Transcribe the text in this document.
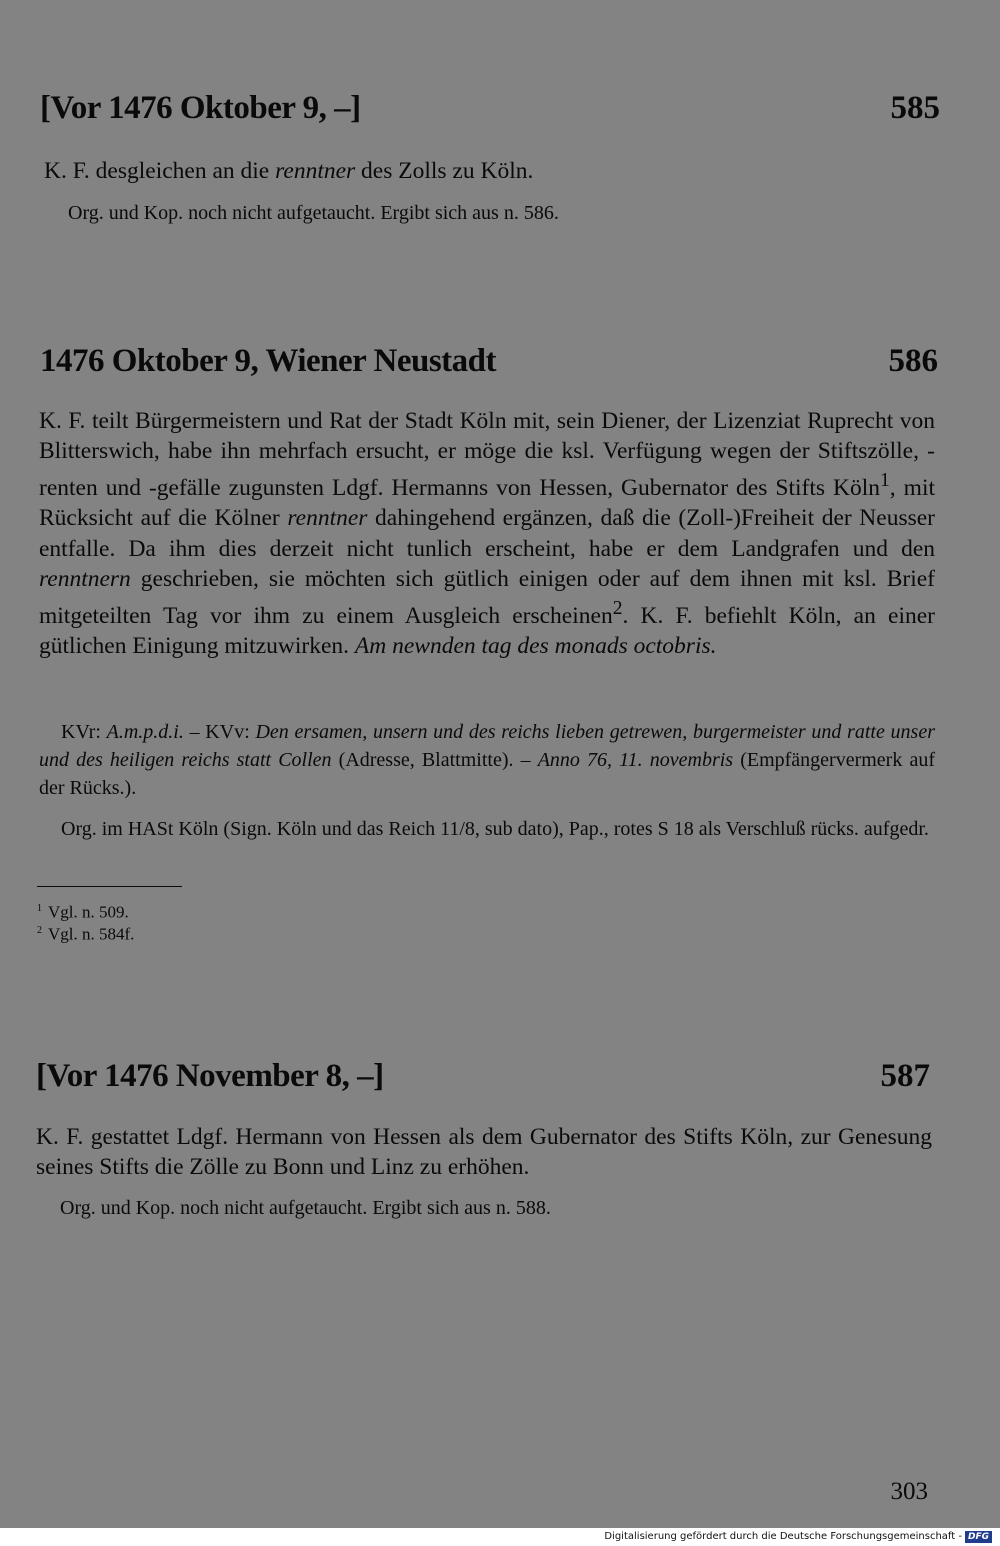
[Vor 1476 Oktober 9, –]	585

K. F. desgleichen an die renntner des Zolls zu Köln.

Org. und Kop. noch nicht aufgetaucht. Ergibt sich aus n. 586.

1476 Oktober 9, Wiener Neustadt	586

K. F. teilt Bürgermeistern und Rat der Stadt Köln mit, sein Diener, der Lizenziat Ruprecht von Blitterswich, habe ihn mehrfach ersucht, er möge die ksl. Verfügung wegen der Stiftszölle, -renten und -gefälle zugunsten Ldgf. Hermanns von Hessen, Gubernator des Stifts Köln$^1$, mit Rücksicht auf die Kölner renntner dahingehend ergänzen, daß die (Zoll-)Freiheit der Neusser entfalle. Da ihm dies derzeit nicht tunlich erscheint, habe er dem Landgrafen und den renntnern geschrieben, sie möchten sich gütlich einigen oder auf dem ihnen mit ksl. Brief mitgeteilten Tag vor ihm zu einem Ausgleich erscheinen$^2$. K. F. befiehlt Köln, an einer gütlichen Einigung mitzuwirken. Am newnden tag des monads octobris.

KVr: A.m.p.d.i. – KVv: Den ersamen, unsern und des reichs lieben getrewen, burgermeister und ratte unser und des heiligen reichs statt Collen (Adresse, Blattmitte). – Anno 76, 11. novembris (Empfängervermerk auf der Rücks.).

Org. im HASt Köln (Sign. Köln und das Reich 11/8, sub dato), Pap., rotes S 18 als Verschluß rücks. aufgedr.

$^1$ Vgl. n. 509.

$^2$ Vgl. n. 584f.

[Vor 1476 November 8, –]	587

K. F. gestattet Ldgf. Hermann von Hessen als dem Gubernator des Stifts Köln, zur Genesung seines Stifts die Zölle zu Bonn und Linz zu erhöhen.

Org. und Kop. noch nicht aufgetaucht. Ergibt sich aus n. 588.

303
Digitalisierung gefördert durch die Deutsche Forschungsgemeinschaft - DFG
